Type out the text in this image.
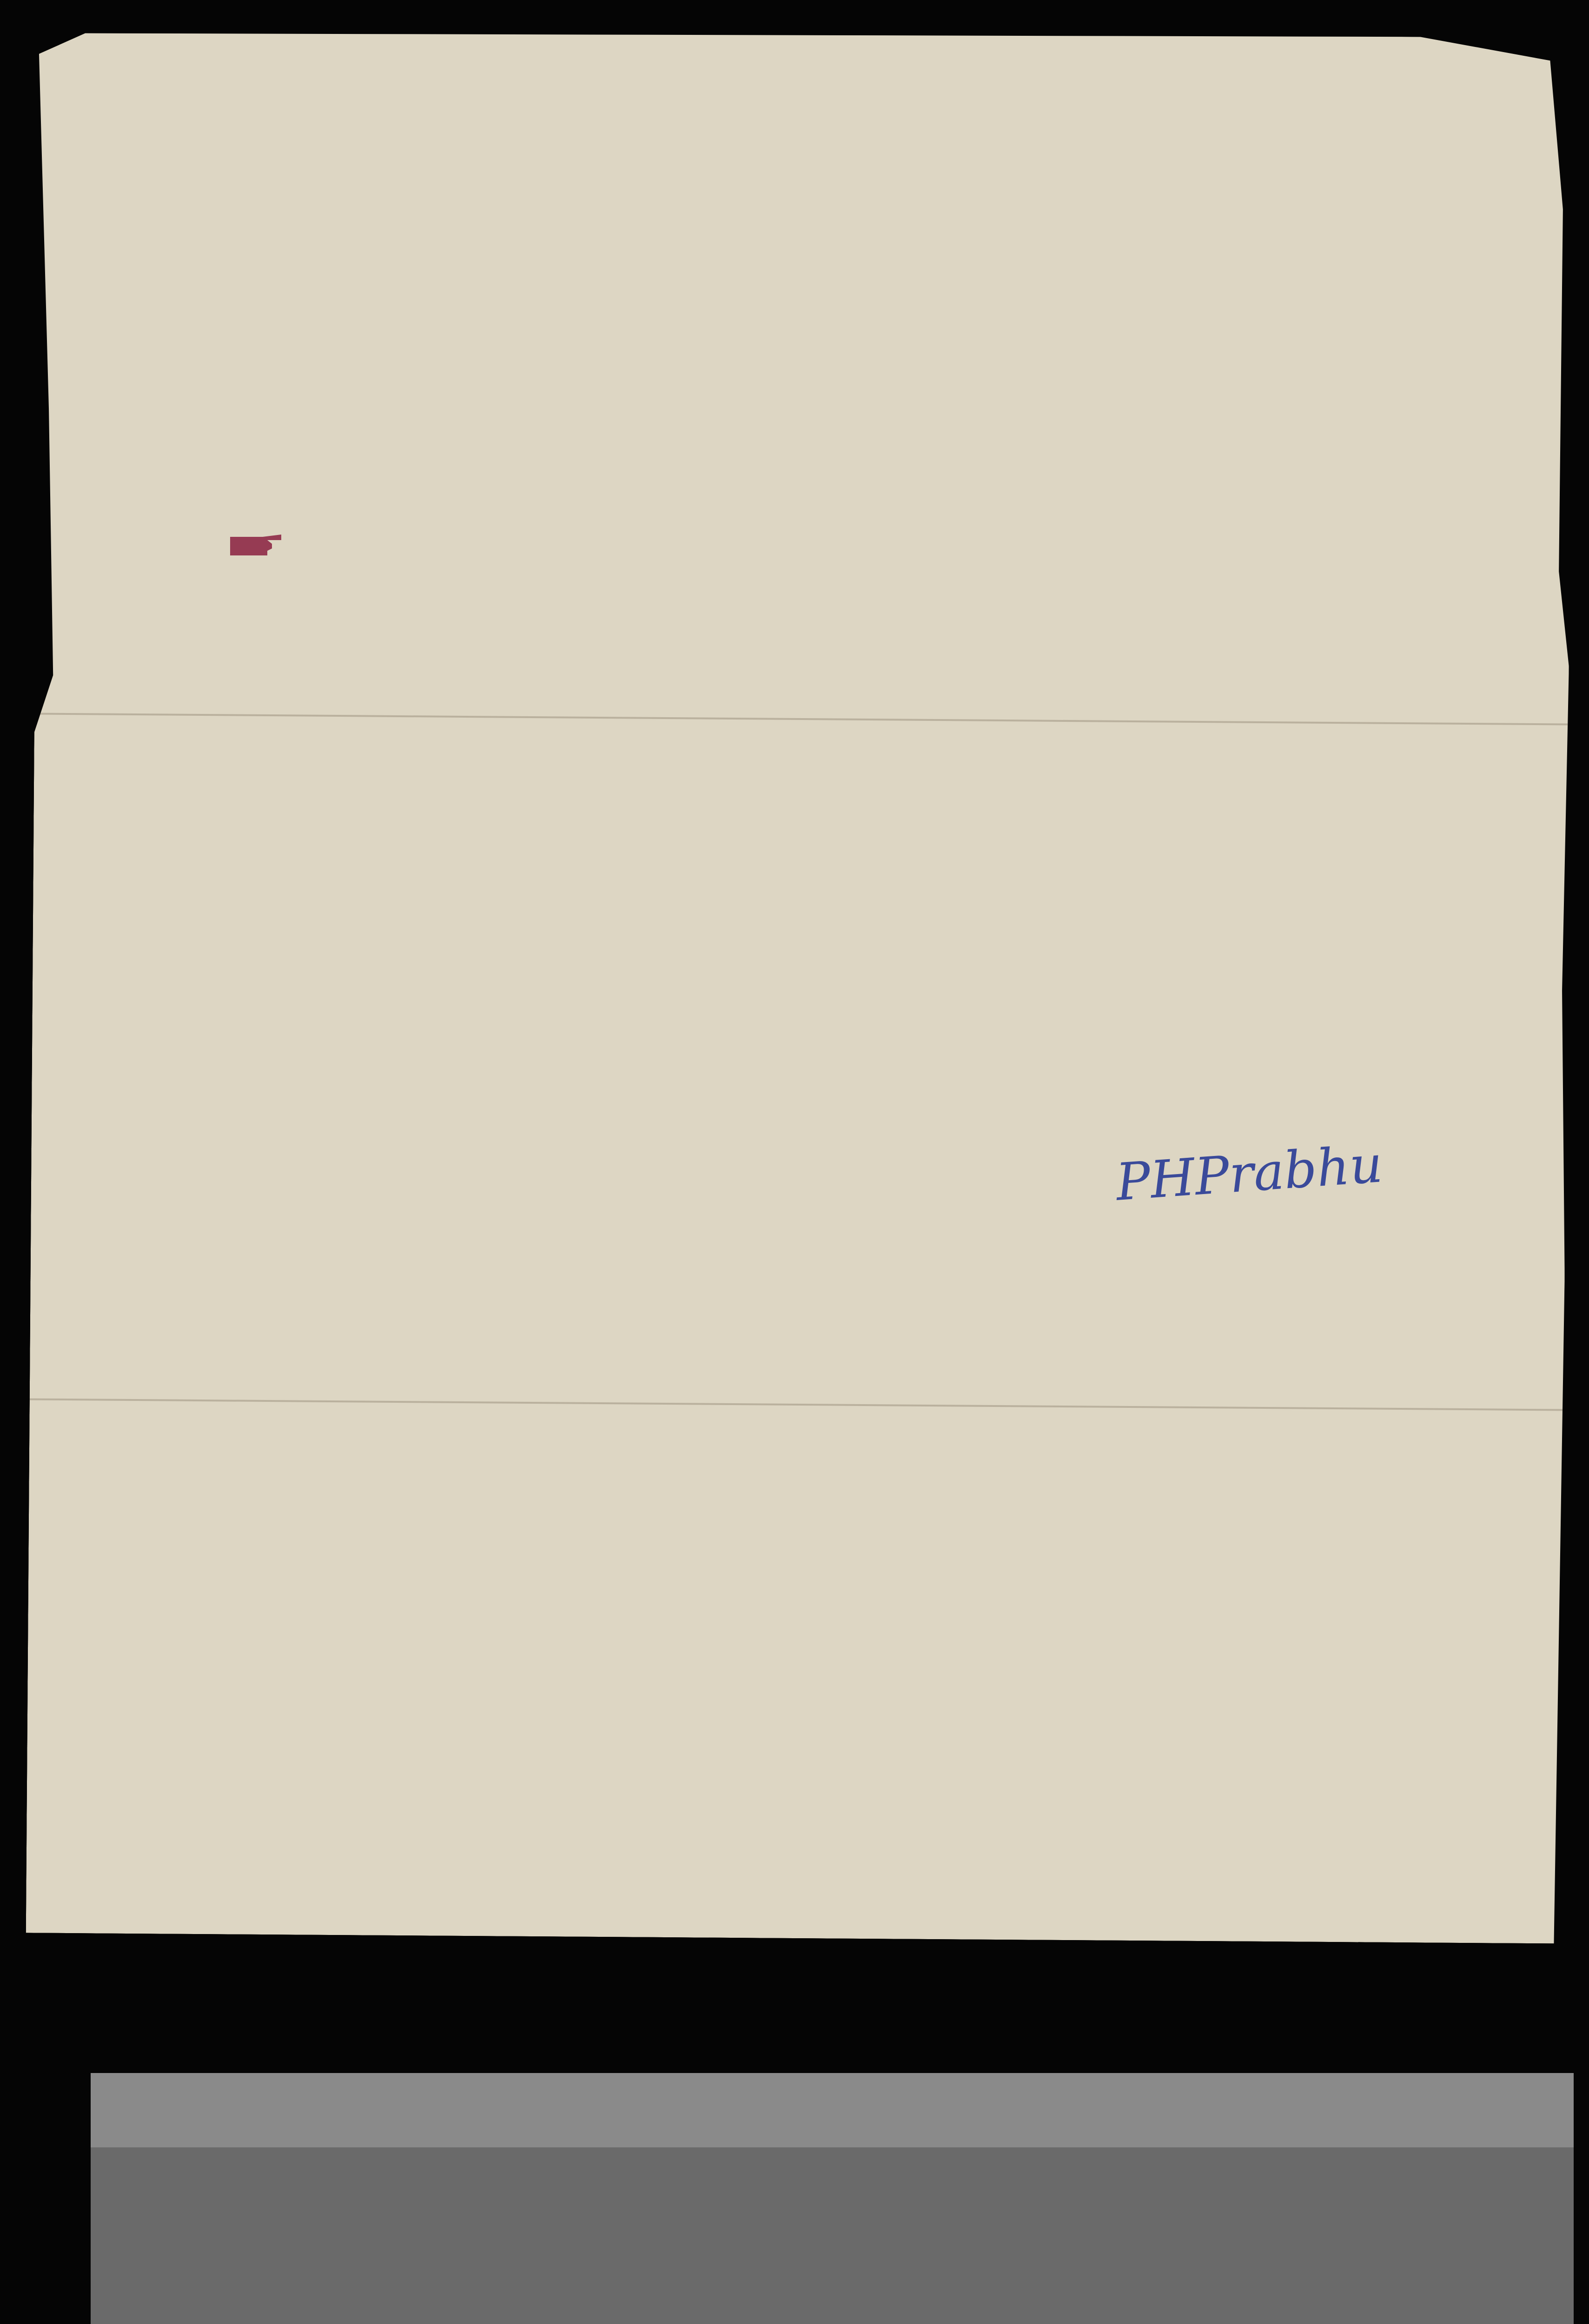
PHPrabhu
